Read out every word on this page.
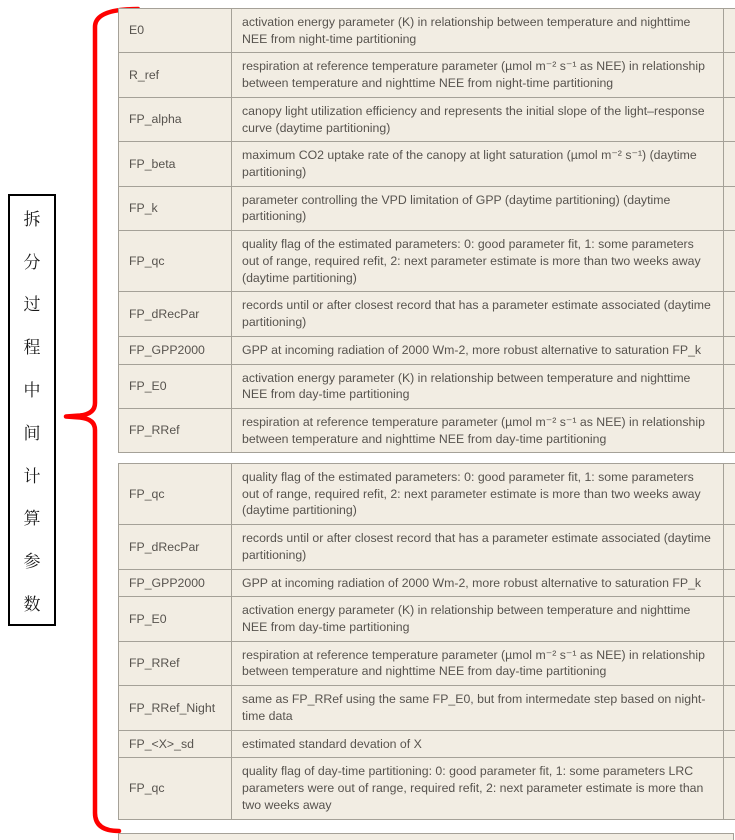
拆
分
过
程
中
间
计
算
参
数
E0	activation energy parameter (K) in relationship between temperature and nighttime NEE from night-time partitioning	
R_ref	respiration at reference temperature parameter (µmol m⁻² s⁻¹ as NEE) in relationship between temperature and nighttime NEE from night-time partitioning	
FP_alpha	canopy light utilization efficiency and represents the initial slope of the light–response curve (daytime partitioning)	
FP_beta	maximum CO2 uptake rate of the canopy at light saturation (µmol m⁻² s⁻¹) (daytime partitioning)	
FP_k	parameter controlling the VPD limitation of GPP (daytime partitioning) (daytime partitioning)	
FP_qc	quality flag of the estimated parameters: 0: good parameter fit, 1: some parameters out of range, required refit, 2: next parameter estimate is more than two weeks away (daytime partitioning)	
FP_dRecPar	records until or after closest record that has a parameter estimate associated (daytime partitioning)	
FP_GPP2000	GPP at incoming radiation of 2000 Wm-2, more robust alternative to saturation FP_k	
FP_E0	activation energy parameter (K) in relationship between temperature and nighttime NEE from day-time partitioning	
FP_RRef	respiration at reference temperature parameter (µmol m⁻² s⁻¹ as NEE) in relationship between temperature and nighttime NEE from day-time partitioning	
FP_qc	quality flag of the estimated parameters: 0: good parameter fit, 1: some parameters out of range, required refit, 2: next parameter estimate is more than two weeks away (daytime partitioning)	
FP_dRecPar	records until or after closest record that has a parameter estimate associated (daytime partitioning)	
FP_GPP2000	GPP at incoming radiation of 2000 Wm-2, more robust alternative to saturation FP_k	
FP_E0	activation energy parameter (K) in relationship between temperature and nighttime NEE from day-time partitioning	
FP_RRef	respiration at reference temperature parameter (µmol m⁻² s⁻¹ as NEE) in relationship between temperature and nighttime NEE from day-time partitioning	
FP_RRef_Night	same as FP_RRef using the same FP_E0, but from intermedate step based on night-time data	
FP_<X>_sd	estimated standard devation of X	
FP_qc	quality flag of day-time partitioning: 0: good parameter fit, 1: some parameters LRC parameters were out of range, required refit, 2: next parameter estimate is more than two weeks away	
